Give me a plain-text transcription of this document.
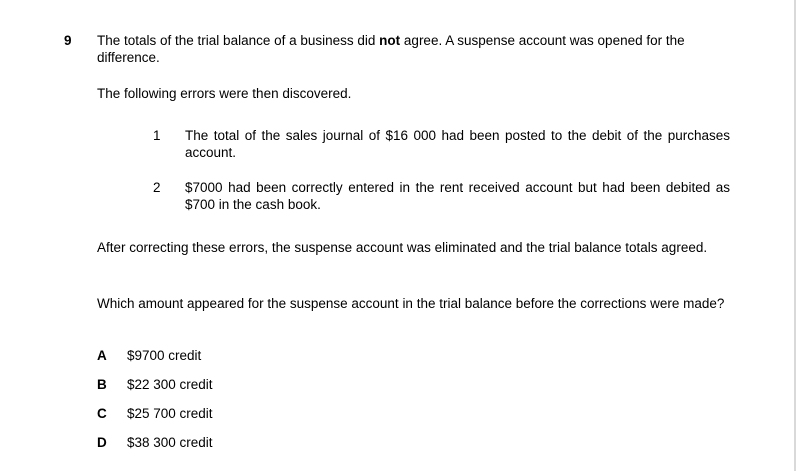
9 The totals of the trial balance of a business did not agree. A suspense account was opened for the difference.
The following errors were then discovered.
1	The total of the sales journal of $16 000 had been posted to the debit of the purchases account.
2	$7000 had been correctly entered in the rent received account but had been debited as $700 in the cash book.
After correcting these errors, the suspense account was eliminated and the trial balance totals agreed.
Which amount appeared for the suspense account in the trial balance before the corrections were made?
A	$9700 credit
B	$22 300 credit
C	$25 700 credit
D	$38 300 credit
